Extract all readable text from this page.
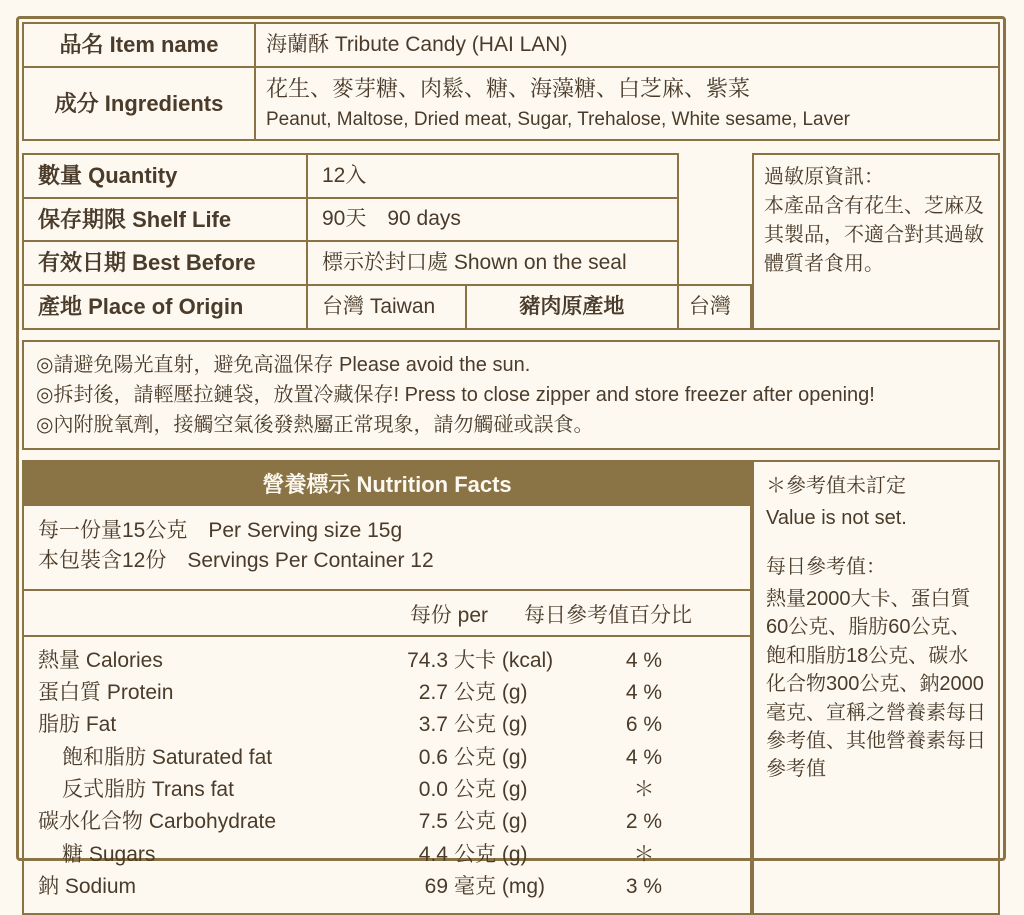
品名 Item name	海蘭酥 Tribute Candy (HAI LAN)
成分 Ingredients	花生、麥芽糖、肉鬆、糖、海藻糖、白芝麻、紫菜
Peanut, Maltose, Dried meat, Sugar, Trehalose, White sesame, Laver
數量 Quantity	12入		
保存期限 Shelf Life	90天　90 days		
有效日期 Best Before	標示於封口處 Shown on the seal		
產地 Place of Origin	台灣 Taiwan	豬肉原產地	台灣
過敏原資訊：
本產品含有花生、芝麻及其製品，不適合對其過敏體質者食用。
◎請避免陽光直射，避免高溫保存 Please avoid the sun.
◎拆封後，請輕壓拉鏈袋，放置冷藏保存! Press to close zipper and store freezer after opening!
◎內附脫氧劑，接觸空氣後發熱屬正常現象，請勿觸碰或誤食。
營養標示 Nutrition Facts
每一份量15公克　Per Serving size 15g
本包裝含12份　Servings Per Container 12
每份 per	每日參考值百分比
熱量 Calories	74.3	大卡 (kcal)	4 %
蛋白質 Protein	2.7	公克 (g)	4 %
脂肪 Fat	3.7	公克 (g)	6 %
飽和脂肪 Saturated fat	0.6	公克 (g)	4 %
反式脂肪 Trans fat	0.0	公克 (g)	＊
碳水化合物 Carbohydrate	7.5	公克 (g)	2 %
糖 Sugars	4.4	公克 (g)	＊
鈉 Sodium	69	毫克 (mg)	3 %
＊參考值未訂定
Value is not set.
每日參考值：
熱量2000大卡、蛋白質60公克、脂肪60公克、飽和脂肪18公克、碳水化合物300公克、鈉2000毫克、宣稱之營養素每日參考值、其他營養素每日參考值
